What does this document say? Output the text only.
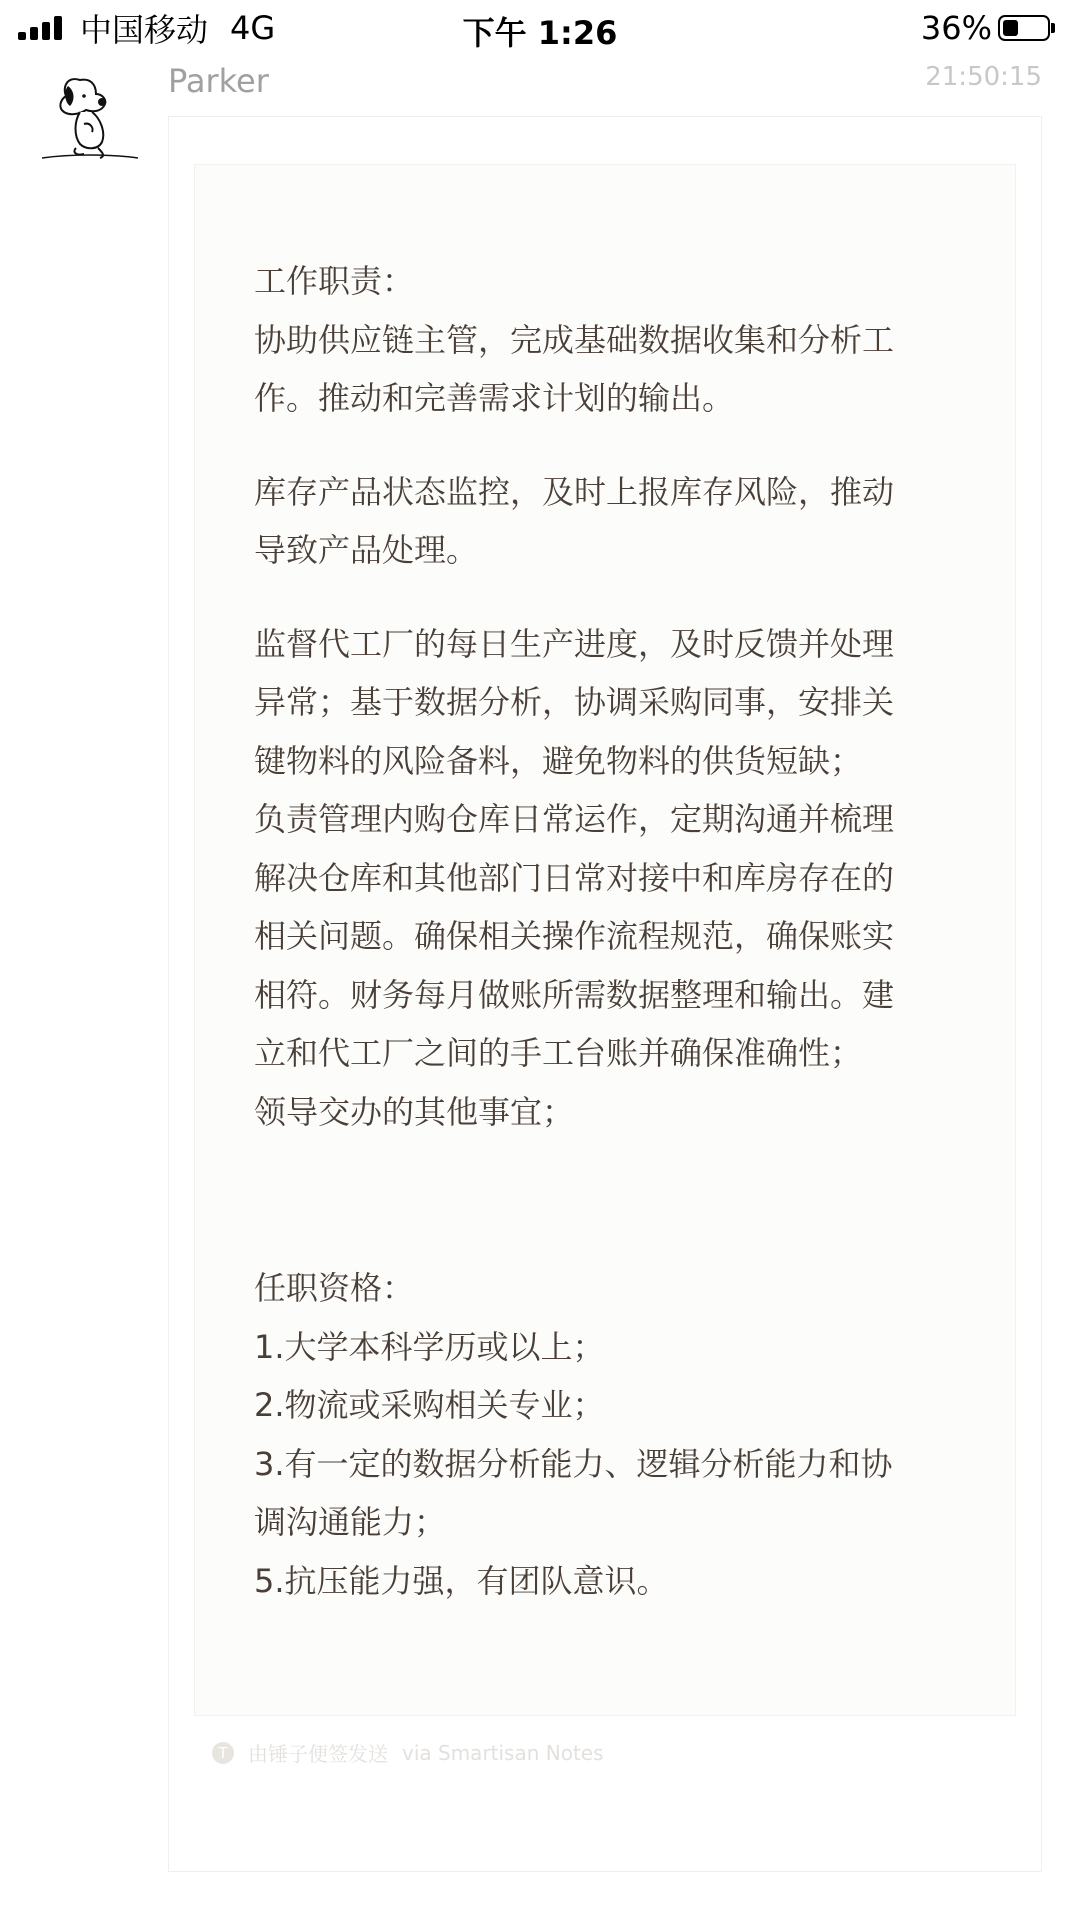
中国移动 4G	下午 1:26	36%
Parker	21:50:15
工作职责：
协助供应链主管，完成基础数据收集和分析工
作。推动和完善需求计划的输出。
库存产品状态监控，及时上报库存风险，推动
导致产品处理。
监督代工厂的每日生产进度，及时反馈并处理
异常；基于数据分析，协调采购同事，安排关
键物料的风险备料，避免物料的供货短缺；
负责管理内购仓库日常运作，定期沟通并梳理
解决仓库和其他部门日常对接中和库房存在的
相关问题。确保相关操作流程规范，确保账实
相符。财务每月做账所需数据整理和输出。建
立和代工厂之间的手工台账并确保准确性；
领导交办的其他事宜；
任职资格：
1.大学本科学历或以上；
2.物流或采购相关专业；
3.有一定的数据分析能力、逻辑分析能力和协
调沟通能力；
5.抗压能力强，有团队意识。
T	由锤子便签发送 via Smartisan Notes
